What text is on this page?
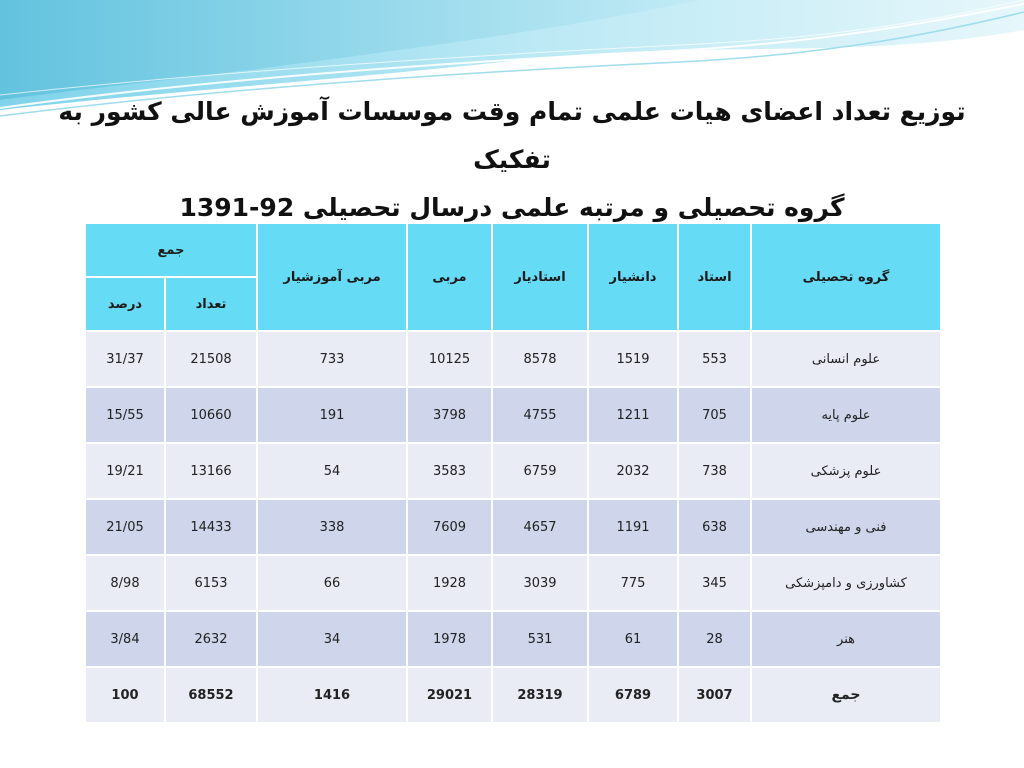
توزیع تعداد اعضای هیات علمی تمام وقت موسسات آموزش عالی کشور به تفکیک
گروه تحصیلی و مرتبه علمی درسال تحصیلی 92-1391
گروه تحصیلی	استاد	دانشیار	استادیار	مربی	مربی آموزشیار	جمع	
						تعداد	درصد
علوم انسانی	553	1519	8578	10125	733	21508	31/37
علوم پایه	705	1211	4755	3798	191	10660	15/55
علوم پزشکی	738	2032	6759	3583	54	13166	19/21
فنی و مهندسی	638	1191	4657	7609	338	14433	21/05
کشاورزی و دامپزشکی	345	775	3039	1928	66	6153	8/98
هنر	28	61	531	1978	34	2632	3/84
جمع	3007	6789	28319	29021	1416	68552	100
